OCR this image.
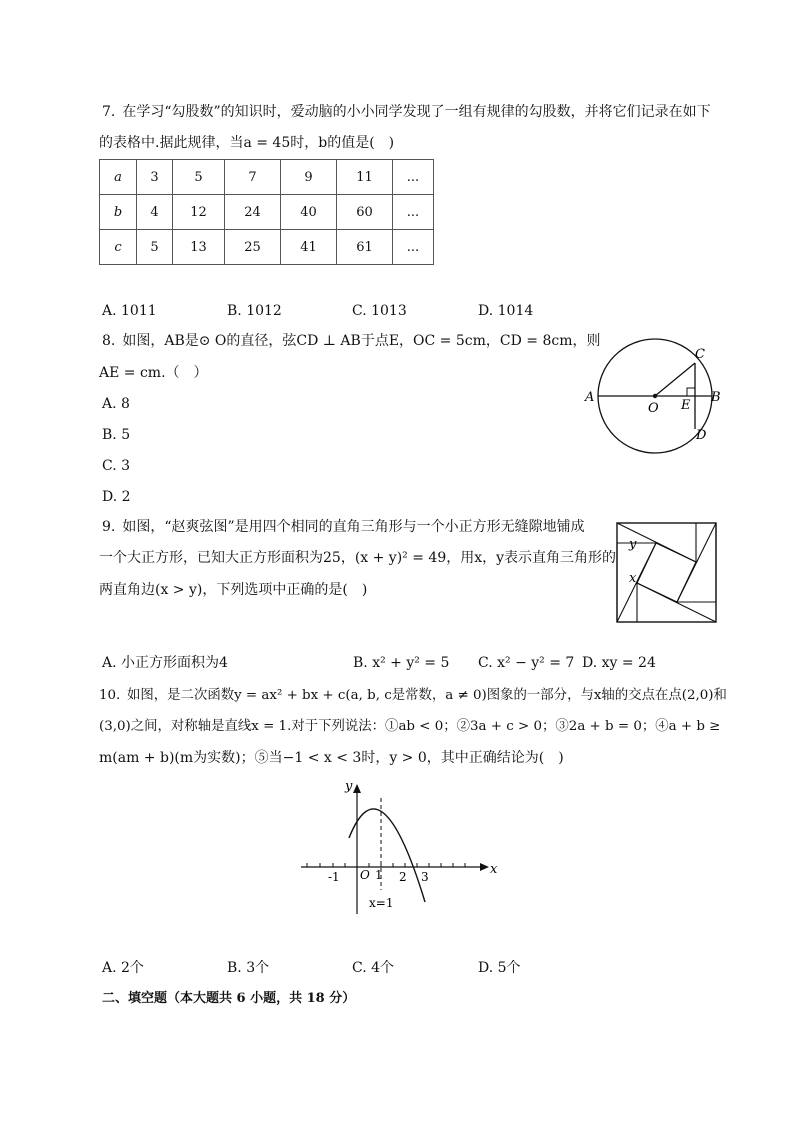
7. 在学习“勾股数”的知识时，爱动脑的小小同学发现了一组有规律的勾股数，并将它们记录在如下
的表格中.据此规律，当a = 45时，b的值是( )
a	3	5	7	9	11	...
b	4	12	24	40	60	...
c	5	13	25	41	61	...
A. 1011	B. 1012	C. 1013	D. 1014
8. 如图，AB是⊙ O的直径，弦CD ⊥ AB于点E，OC = 5cm，CD = 8cm，则
AE = cm.（ ）
A. 8
B. 5
C. 3
D. 2
A	B
C
D
E
O
9. 如图，“赵爽弦图”是用四个相同的直角三角形与一个小正方形无缝隙地铺成
一个大正方形，已知大正方形面积为25，(x + y)² = 49，用x，y表示直角三角形的
两直角边(x > y)，下列选项中正确的是( )
y
x
A. 小正方形面积为4	B. x² + y² = 5 C. x² − y² = 7 D. xy = 24
10. 如图，是二次函数y = ax² + bx + c(a, b, c是常数，a ≠ 0)图象的一部分，与x轴的交点在点(2,0)和
(3,0)之间，对称轴是直线x = 1.对于下列说法：①ab < 0；②3a + c > 0；③2a + b = 0；④a + b ≥
m(am + b)(m为实数)；⑤当−1 < x < 3时，y > 0，其中正确结论为( )
y
x
O
-1	1 2 3
x=1
A. 2个	B. 3个	C. 4个	D. 5个
二、填空题（本大题共 6 小题，共 18 分）
